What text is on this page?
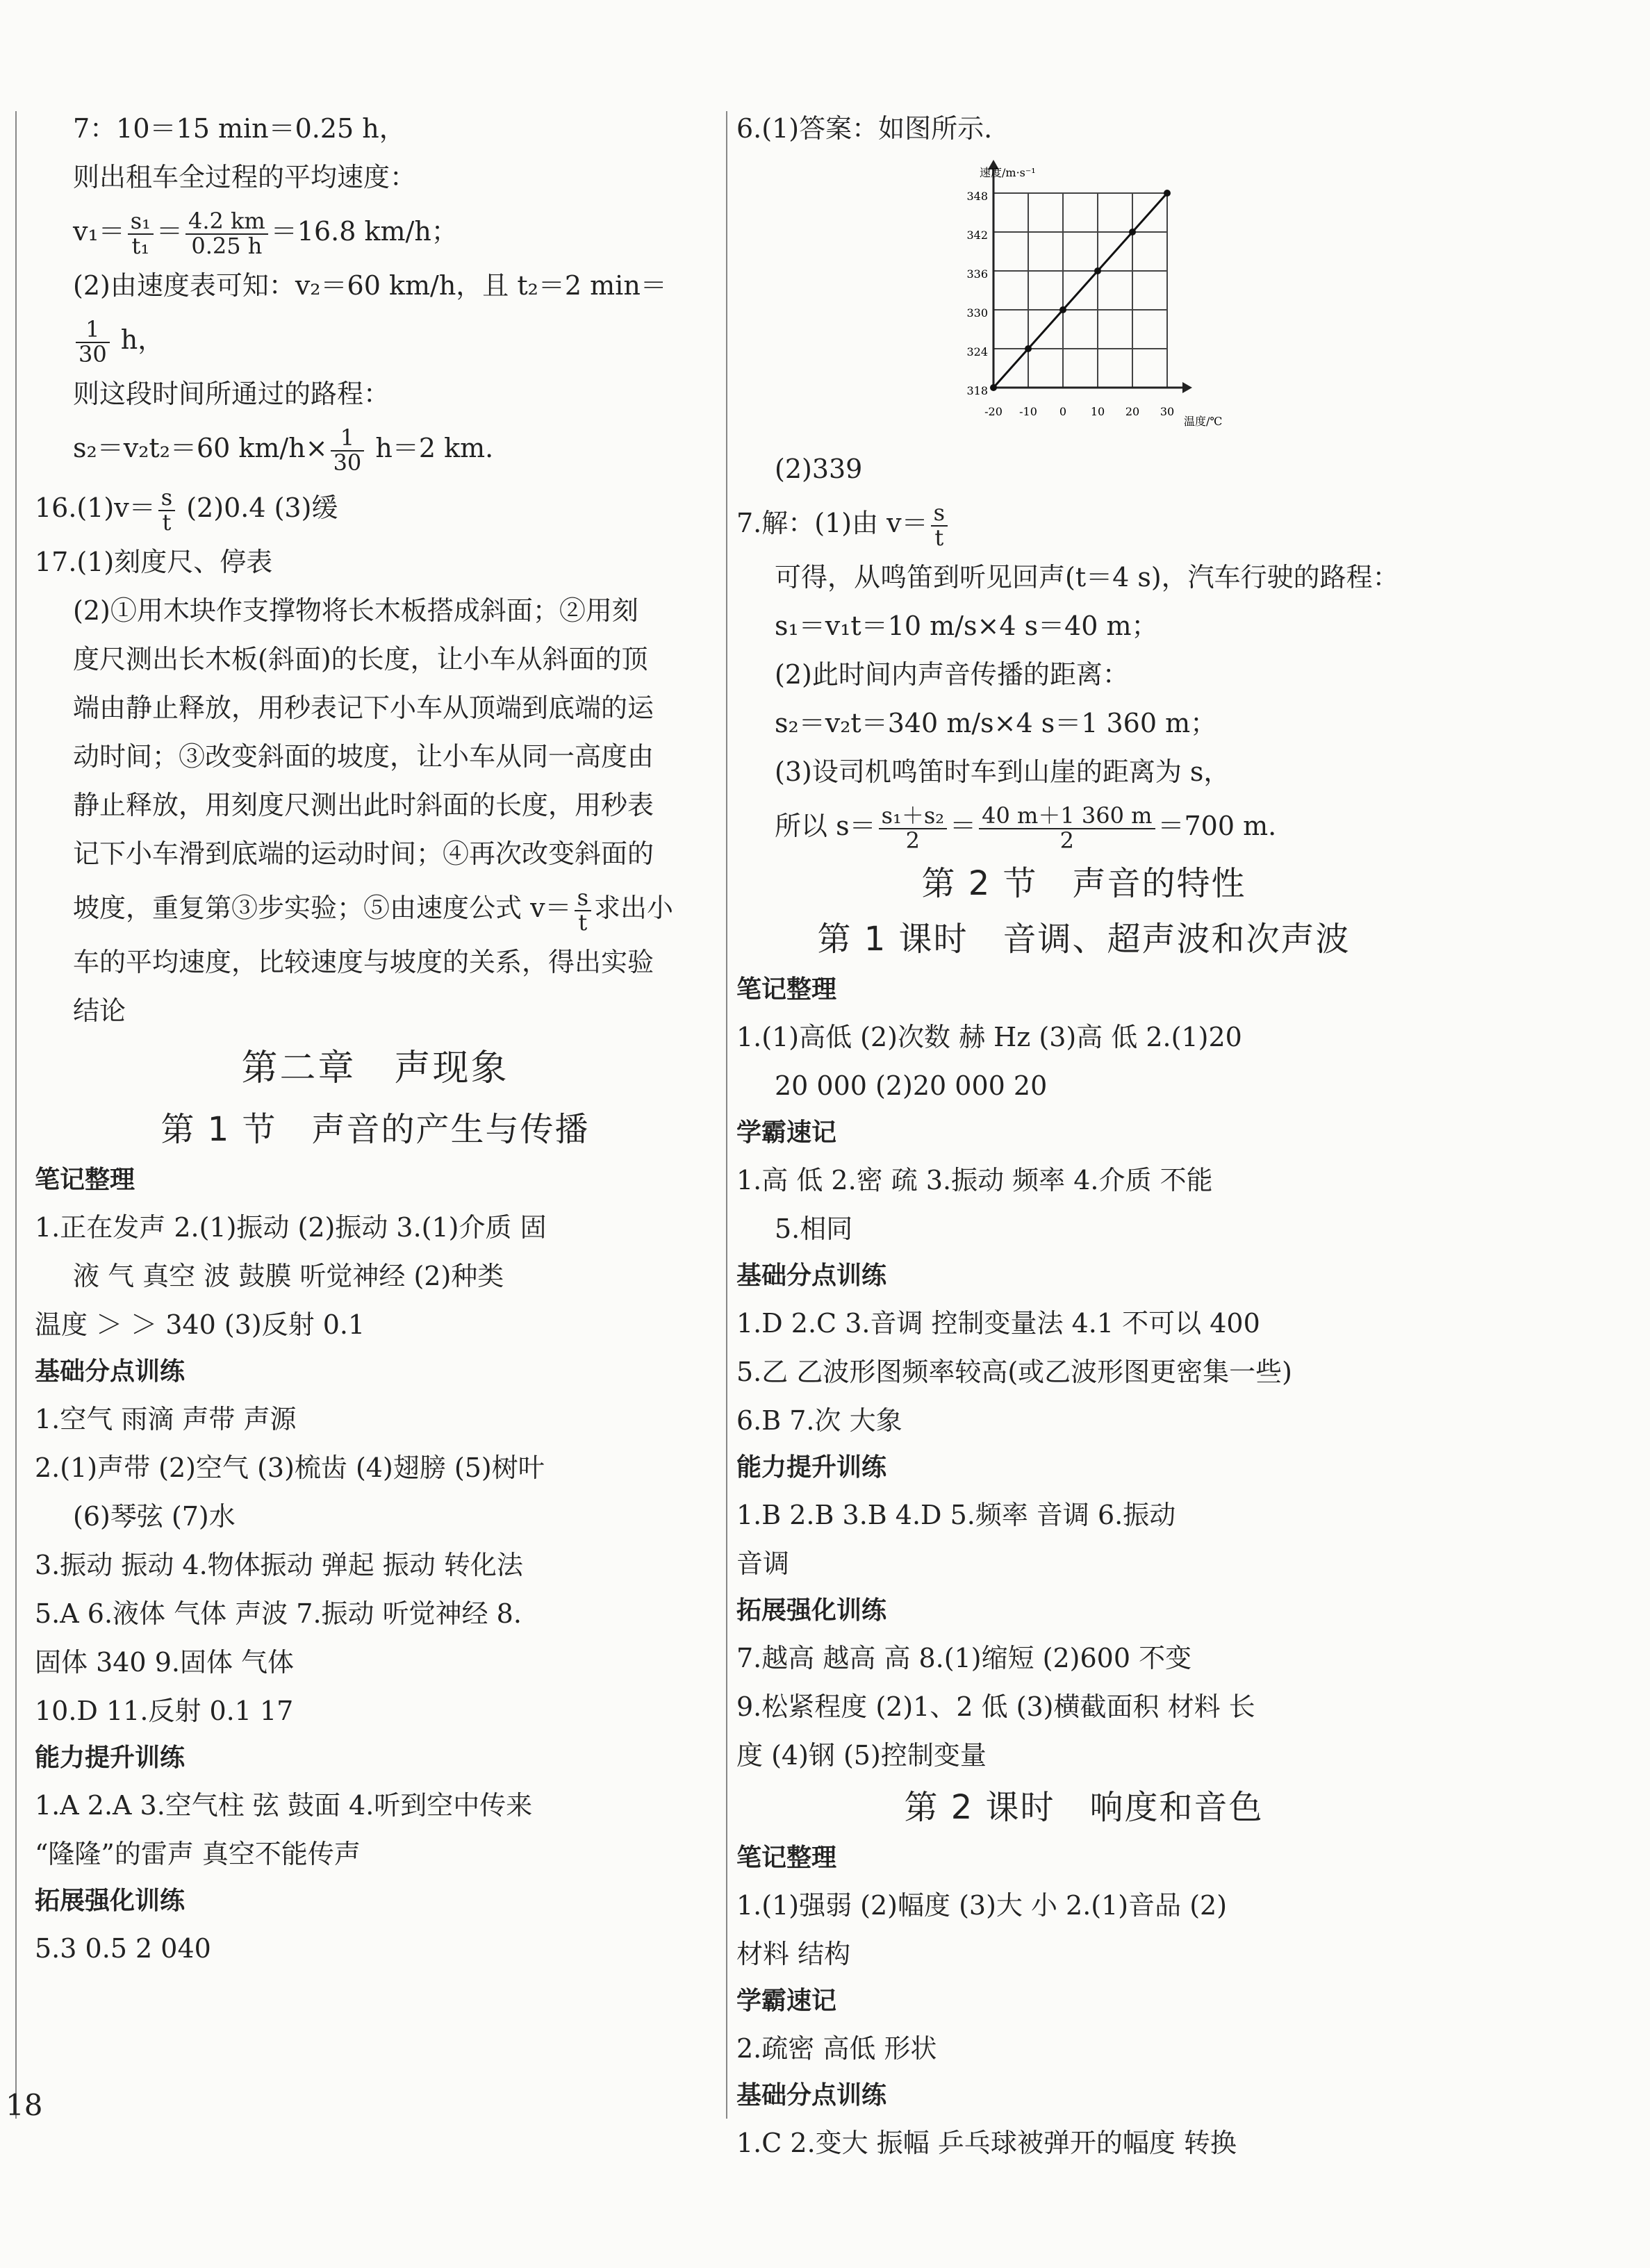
7：10＝15 min＝0.25 h，
则出租车全过程的平均速度：
$v_1= \frac{\text{s₁}}{\text{t₁}} = \frac{4.2 km}{0.25 h} =16.8$ km/h；
(2)由速度表可知：v₂＝60 km/h，且 t₂＝2 min＝
$\frac{1}{30}$ h，
则这段时间所通过的路程：
s₂＝v₂t₂＝60 $km/h\times \frac{1}{30} h=2$ km.
$16.(1)v= \frac{s}{t} (2)0.4$ (3)缓
17.(1)刻度尺、停表
(2)①用木块作支撑物将长木板搭成斜面；②用刻
度尺测出长木板(斜面)的长度，让小车从斜面的顶
端由静止释放，用秒表记下小车从顶端到底端的运
动时间；③改变斜面的坡度，让小车从同一高度由
静止释放，用刻度尺测出此时斜面的长度，用秒表
记下小车滑到底端的运动时间；④再次改变斜面的
坡度，重复第③步实验；⑤由速度公式 $v= \frac{s}{t}$ 求出小
车的平均速度，比较速度与坡度的关系，得出实验
结论
第二章　声现象
第 1 节　声音的产生与传播
笔记整理
1.正在发声 2.(1)振动 (2)振动 3.(1)介质 固
液 气 真空 波 鼓膜 听觉神经 (2)种类
温度 ＞ ＞ 340 (3)反射 0.1
基础分点训练
1.空气 雨滴 声带 声源
2.(1)声带 (2)空气 (3)梳齿 (4)翅膀 (5)树叶
(6)琴弦 (7)水
3.振动 振动 4.物体振动 弹起 振动 转化法
5.A 6.液体 气体 声波 7.振动 听觉神经 8.
固体 340 9.固体 气体
10.D 11.反射 0.1 17
能力提升训练
1.A 2.A 3.空气柱 弦 鼓面 4.听到空中传来
“隆隆”的雷声 真空不能传声
拓展强化训练
5.3 0.5 2 040
6.(1)答案：如图所示.
318
324
330
336
342
348
-20 -10 0 10 20 30
速度/m·s⁻¹
温度/℃
(2)339
7.解：(1)由 $v= \frac{s}{t}$
可得，从鸣笛到听见回声(t＝4 s)，汽车行驶的路程：
s₁＝v₁t＝10 m/s×4 s＝40 m；
(2)此时间内声音传播的距离：
s₂＝v₂t＝340 m/s×4 s＝1 360 m；
(3)设司机鸣笛时车到山崖的距离为 s，
所以 $s= \frac{\text{s₁＋s₂}}{2} = \frac{40 m+1 360 m}{2} =700$ m.
第 2 节　声音的特性
第 1 课时　音调、超声波和次声波
笔记整理
1.(1)高低 (2)次数 赫 Hz (3)高 低 2.(1)20
20 000 (2)20 000 20
学霸速记
1.高 低 2.密 疏 3.振动 频率 4.介质 不能
5.相同
基础分点训练
1.D 2.C 3.音调 控制变量法 4.1 不可以 400
5.乙 乙波形图频率较高(或乙波形图更密集一些)
6.B 7.次 大象
能力提升训练
1.B 2.B 3.B 4.D 5.频率 音调 6.振动
音调
拓展强化训练
7.越高 越高 高 8.(1)缩短 (2)600 不变
9.松紧程度 (2)1、2 低 (3)横截面积 材料 长
度 (4)钢 (5)控制变量
第 2 课时　响度和音色
笔记整理
1.(1)强弱 (2)幅度 (3)大 小 2.(1)音品 (2)
材料 结构
学霸速记
2.疏密 高低 形状
基础分点训练
1.C 2.变大 振幅 乒乓球被弹开的幅度 转换
18
